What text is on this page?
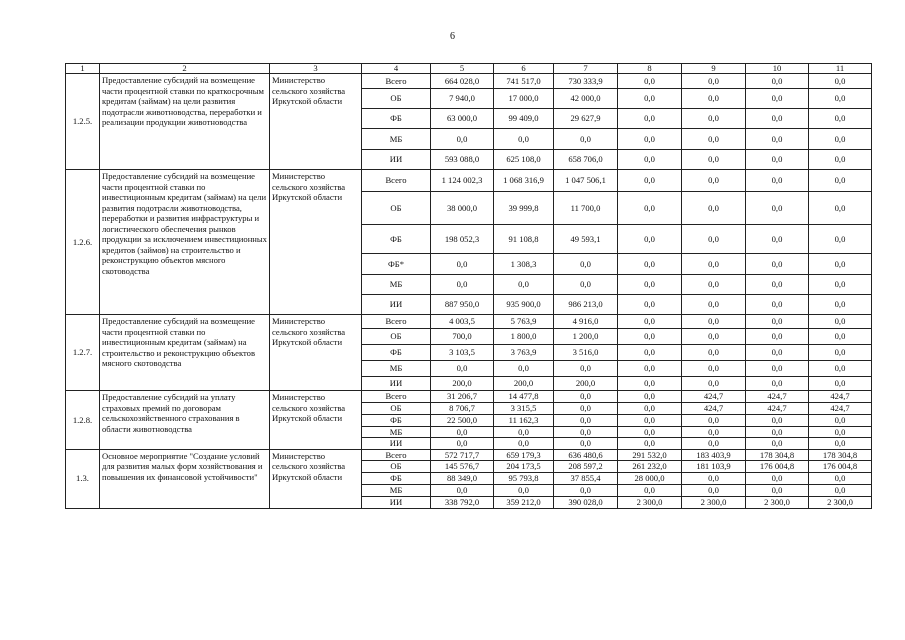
6
1	2	3	4	5	6	7	8	9	10	11
1.2.5.	Предоставление субсидий на возмещение части процентной ставки по краткосрочным кредитам (займам) на цели развития подотрасли животноводства, переработки и реализации продукции животноводства	Министерство сельского хозяйства Иркутской области	Всего	664 028,0	741 517,0	730 333,9	0,0	0,0	0,0	0,0
			ОБ	7 940,0	17 000,0	42 000,0	0,0	0,0	0,0	0,0
			ФБ	63 000,0	99 409,0	29 627,9	0,0	0,0	0,0	0,0
			МБ	0,0	0,0	0,0	0,0	0,0	0,0	0,0
			ИИ	593 088,0	625 108,0	658 706,0	0,0	0,0	0,0	0,0
1.2.6.	Предоставление субсидий на возмещение части процентной ставки по инвестиционным кредитам (займам) на цели развития подотрасли животноводства, переработки и развития инфраструктуры и логистического обеспечения рынков продукции за исключением инвестиционных кредитов (займов) на строительство и реконструкцию объектов мясного скотоводства	Министерство сельского хозяйства Иркутской области	Всего	1 124 002,3	1 068 316,9	1 047 506,1	0,0	0,0	0,0	0,0
			ОБ	38 000,0	39 999,8	11 700,0	0,0	0,0	0,0	0,0
			ФБ	198 052,3	91 108,8	49 593,1	0,0	0,0	0,0	0,0
			ФБ*	0,0	1 308,3	0,0	0,0	0,0	0,0	0,0
			МБ	0,0	0,0	0,0	0,0	0,0	0,0	0,0
			ИИ	887 950,0	935 900,0	986 213,0	0,0	0,0	0,0	0,0
1.2.7.	Предоставление субсидий на возмещение части процентной ставки по инвестиционным кредитам (займам) на строительство и реконструкцию объектов мясного скотоводства	Министерство сельского хозяйства Иркутской области	Всего	4 003,5	5 763,9	4 916,0	0,0	0,0	0,0	0,0
			ОБ	700,0	1 800,0	1 200,0	0,0	0,0	0,0	0,0
			ФБ	3 103,5	3 763,9	3 516,0	0,0	0,0	0,0	0,0
			МБ	0,0	0,0	0,0	0,0	0,0	0,0	0,0
			ИИ	200,0	200,0	200,0	0,0	0,0	0,0	0,0
1.2.8.	Предоставление субсидий на уплату страховых премий по договорам сельскохозяйственного страхования в области животноводства	Министерство сельского хозяйства Иркутской области	Всего	31 206,7	14 477,8	0,0	0,0	424,7	424,7	424,7
			ОБ	8 706,7	3 315,5	0,0	0,0	424,7	424,7	424,7
			ФБ	22 500,0	11 162,3	0,0	0,0	0,0	0,0	0,0
			МБ	0,0	0,0	0,0	0,0	0,0	0,0	0,0
			ИИ	0,0	0,0	0,0	0,0	0,0	0,0	0,0
1.3.	Основное мероприятие "Создание условий для развития малых форм хозяйствования и повышения их финансовой устойчивости"	Министерство сельского хозяйства Иркутской области	Всего	572 717,7	659 179,3	636 480,6	291 532,0	183 403,9	178 304,8	178 304,8
			ОБ	145 576,7	204 173,5	208 597,2	261 232,0	181 103,9	176 004,8	176 004,8
			ФБ	88 349,0	95 793,8	37 855,4	28 000,0	0,0	0,0	0,0
			МБ	0,0	0,0	0,0	0,0	0,0	0,0	0,0
			ИИ	338 792,0	359 212,0	390 028,0	2 300,0	2 300,0	2 300,0	2 300,0
